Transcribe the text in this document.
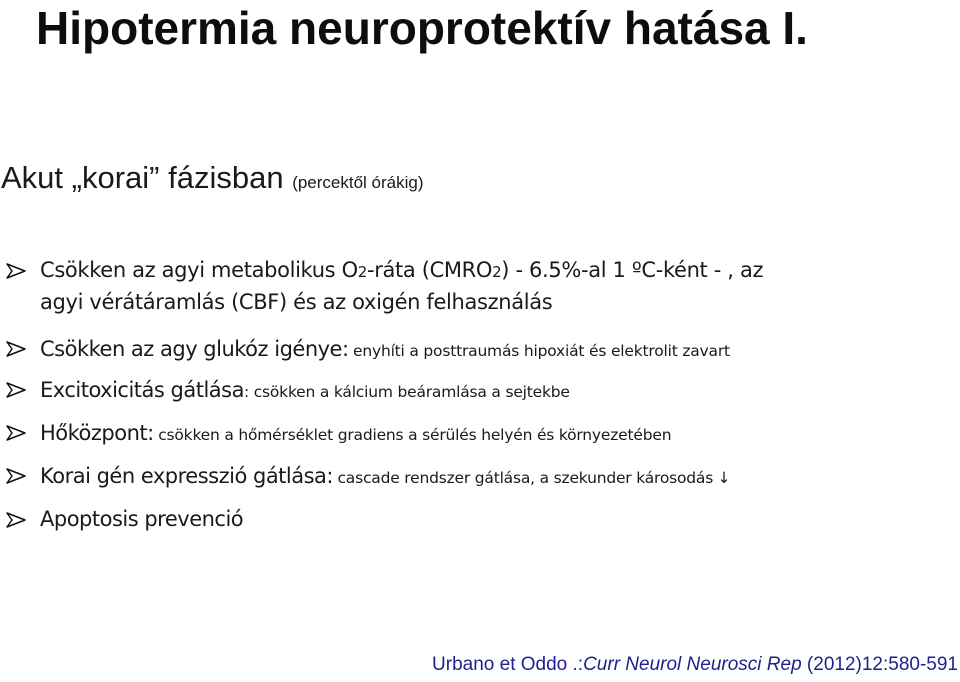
Hipotermia neuroprotektív hatása I.
Akut „korai” fázisban (percektől órákig)
Csökken az agyi metabolikus O2-ráta (CMRO2) - 6.5%-al 1 ºC-ként - , az
agyi vérátáramlás (CBF) és az oxigén felhasználás
Csökken az agy glukóz igénye: enyhíti a posttraumás hipoxiát és elektrolit zavart
Excitoxicitás gátlása: csökken a kálcium beáramlása a sejtekbe
Hőközpont: csökken a hőmérséklet gradiens a sérülés helyén és környezetében
Korai gén expresszió gátlása: cascade rendszer gátlása, a szekunder károsodás ↓
Apoptosis prevenció
Urbano et Oddo .:Curr Neurol Neurosci Rep (2012)12:580-591
